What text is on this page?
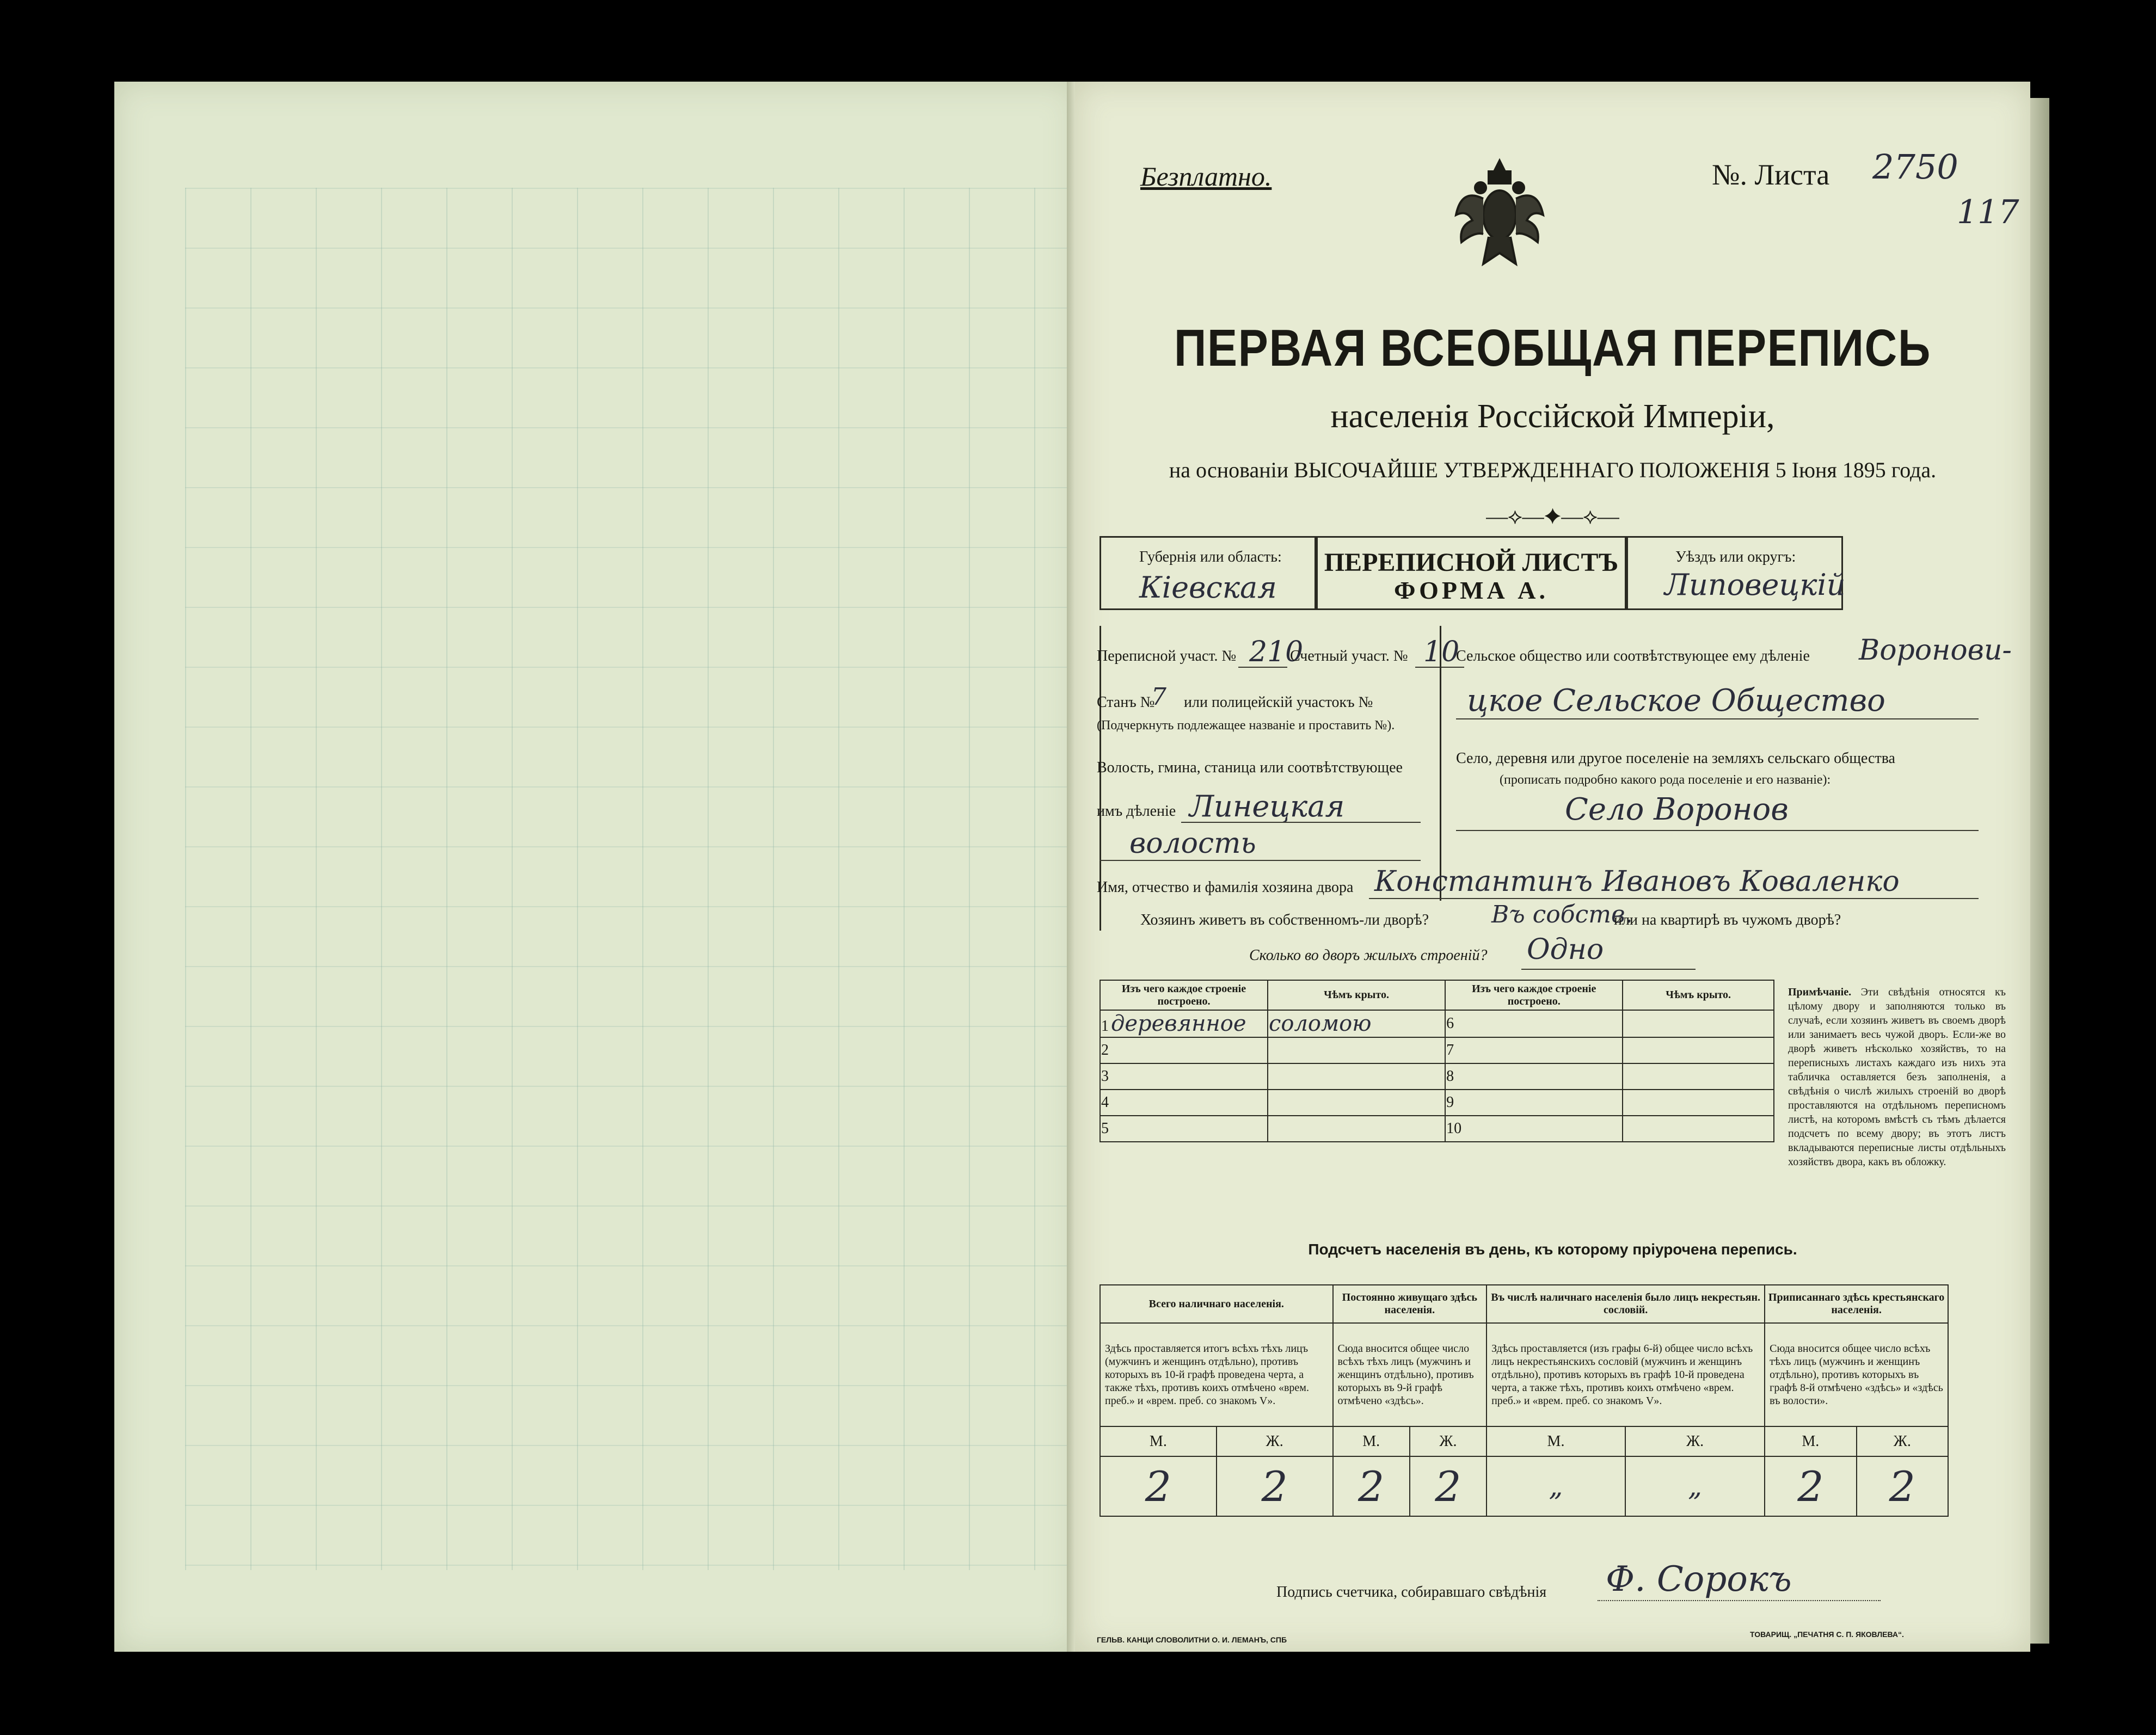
Безплатно.	№. Листа 2750
117
ПЕРВАЯ ВСЕОБЩАЯ ПЕРЕПИСЬ
населенія Россійской Имперіи,
на основаніи ВЫСОЧАЙШЕ УТВЕРЖДЕННАГО ПОЛОЖЕНІЯ 5 Іюня 1895 года.
—⟡—✦—⟡—
Губернія или область:
Кіевская
ПЕРЕПИСНОЙ ЛИСТЪ
ФОРМА А.
Уѣздъ или округъ:
Липовецкій
Переписной участ. № 210
Счетный участ. № 10
Станъ №
7 или полицейскій участокъ №
(Подчеркнуть подлежащее названіе и проставить №).
Волость, гмина, станица или соотвѣтствующее
имъ дѣленіе Линецкая
волость
Сельское общество или соотвѣтствующее ему дѣленіе Воронови-
цкое Сельское Общество
Село, деревня или другое поселеніе на земляхъ сельскаго общества
(прописать подробно какого рода поселеніе и его названіе):
Село Воронов
Имя, отчество и фамилія хозяина двора Константинъ Ивановъ Коваленко
Хозяинъ живетъ въ собственномъ-ли дворѣ?	Въ собств.
или на квартирѣ въ чужомъ дворѣ?
Сколько во дворъ жилыхъ строеній? Одно
Изъ чего каждое строеніе построено.	Чѣмъ крыто.	Изъ чего каждое строеніе построено.	Чѣмъ крыто.
1 деревянное	соломою	6	
2		7	
3		8	
4		9	
5		10	
Примѣчаніе. Эти свѣдѣнія относятся къ цѣлому двору и заполняются только въ случаѣ, если хозяинъ живетъ въ своемъ дворѣ или занимаетъ весь чужой дворъ. Если-же во дворѣ живетъ нѣсколько хозяйствъ, то на переписныхъ листахъ каждаго изъ нихъ эта табличка оставляется безъ заполненія, а свѣдѣнія о числѣ жилыхъ строеній во дворѣ проставляются на отдѣльномъ переписномъ листѣ, на которомъ вмѣстѣ съ тѣмъ дѣлается подсчетъ по всему двору; въ этотъ листъ вкладываются переписные листы отдѣльныхъ хозяйствъ двора, какъ въ обложку.
Подсчетъ населенія въ день, къ которому пріурочена перепись.
Всего наличнаго населенія.		Постоянно живущаго здѣсь населенія.		Въ числѣ наличнаго населенія было лицъ некрестьян. сословій.		Приписаннаго здѣсь крестьянскаго населенія.	
Здѣсь проставляется итогъ всѣхъ тѣхъ лицъ (мужчинъ и женщинъ отдѣльно), противъ которыхъ въ 10-й графѣ проведена черта, а также тѣхъ, противъ коихъ отмѣчено «врем. преб.» и «врем. преб. со знакомъ V».		Сюда вносится общее число всѣхъ тѣхъ лицъ (мужчинъ и женщинъ отдѣльно), противъ которыхъ въ 9-й графѣ отмѣчено «здѣсь».		Здѣсь проставляется (изъ графы 6-й) общее число всѣхъ лицъ некрестьянскихъ сословій (мужчинъ и женщинъ отдѣльно), противъ которыхъ въ графѣ 10-й проведена черта, а также тѣхъ, противъ коихъ отмѣчено «врем. преб.» и «врем. преб. со знакомъ V».		Сюда вносится общее число всѣхъ тѣхъ лицъ (мужчинъ и женщинъ отдѣльно), противъ которыхъ въ графѣ 8-й отмѣчено «здѣсь» и «здѣсь въ волости».	
М.	Ж.	М.	Ж.	М.	Ж.	М.	Ж.
2	2	2	2	„	„	2	2
Подпись счетчика, собиравшаго свѣдѣнія Ф. Сорокъ
ГЕЛЬВ. КАНЦИ СЛОВОЛИТНИ О. И. ЛЕМАНЪ, СПБ
ТОВАРИЩ. „ПЕЧАТНЯ С. П. ЯКОВЛЕВА“.
